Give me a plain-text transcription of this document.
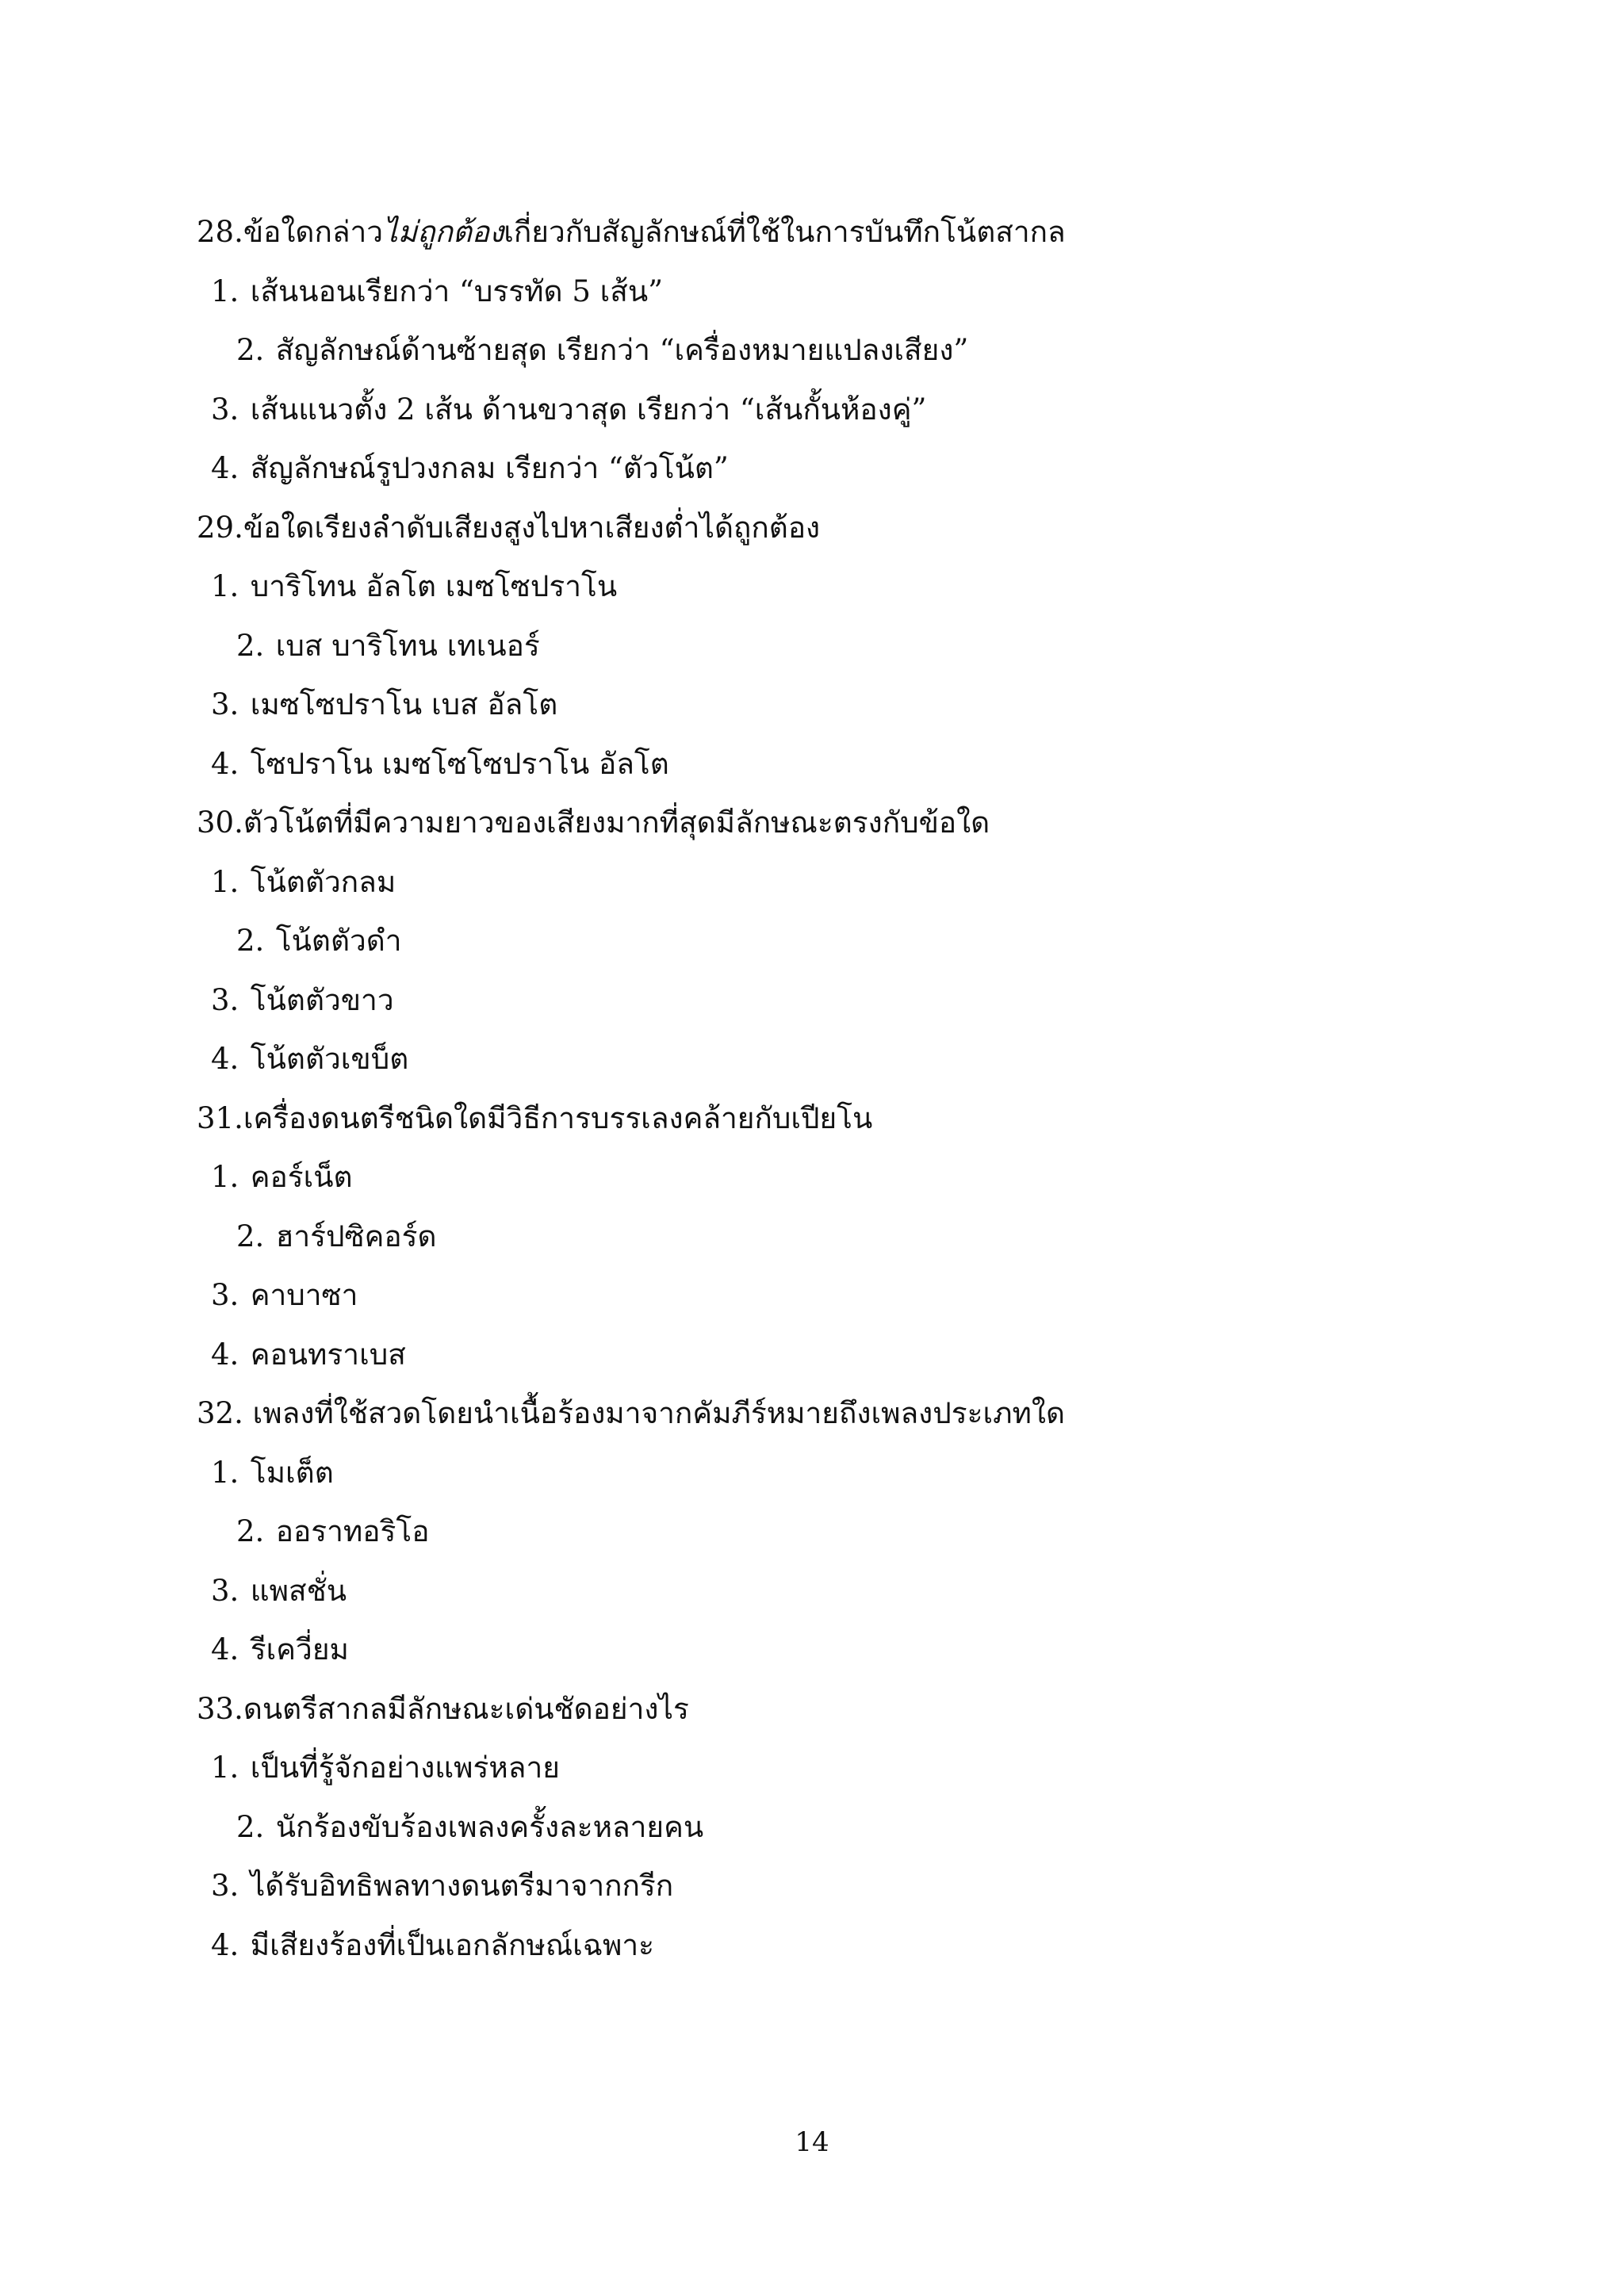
28.ข้อใดกล่าวไม่ถูกต้องเกี่ยวกับสัญลักษณ์ที่ใช้ในการบันทึกโน้ตสากล
1. เส้นนอนเรียกว่า “บรรทัด 5 เส้น”
2. สัญลักษณ์ด้านซ้ายสุด เรียกว่า “เครื่องหมายแปลงเสียง”
3. เส้นแนวตั้ง 2 เส้น ด้านขวาสุด เรียกว่า “เส้นกั้นห้องคู่”
4. สัญลักษณ์รูปวงกลม เรียกว่า “ตัวโน้ต”
29.ข้อใดเรียงลำดับเสียงสูงไปหาเสียงต่ำได้ถูกต้อง
1. บาริโทน อัลโต เมซโซปราโน
2. เบส บาริโทน เทเนอร์
3. เมซโซปราโน เบส อัลโต
4. โซปราโน เมซโซโซปราโน อัลโต
30.ตัวโน้ตที่มีความยาวของเสียงมากที่สุดมีลักษณะตรงกับข้อใด
1. โน้ตตัวกลม
2. โน้ตตัวดำ
3. โน้ตตัวขาว
4. โน้ตตัวเขบ็ต
31.เครื่องดนตรีชนิดใดมีวิธีการบรรเลงคล้ายกับเปียโน
1. คอร์เน็ต
2. ฮาร์ปซิคอร์ด
3. คาบาซา
4. คอนทราเบส
32. เพลงที่ใช้สวดโดยนำเนื้อร้องมาจากคัมภีร์หมายถึงเพลงประเภทใด
1. โมเต็ต
2. ออราทอริโอ
3. แพสชั่น
4. รีเควี่ยม
33.ดนตรีสากลมีลักษณะเด่นชัดอย่างไร
1. เป็นที่รู้จักอย่างแพร่หลาย
2. นักร้องขับร้องเพลงครั้งละหลายคน
3. ได้รับอิทธิพลทางดนตรีมาจากกรีก
4. มีเสียงร้องที่เป็นเอกลักษณ์เฉพาะ
14
